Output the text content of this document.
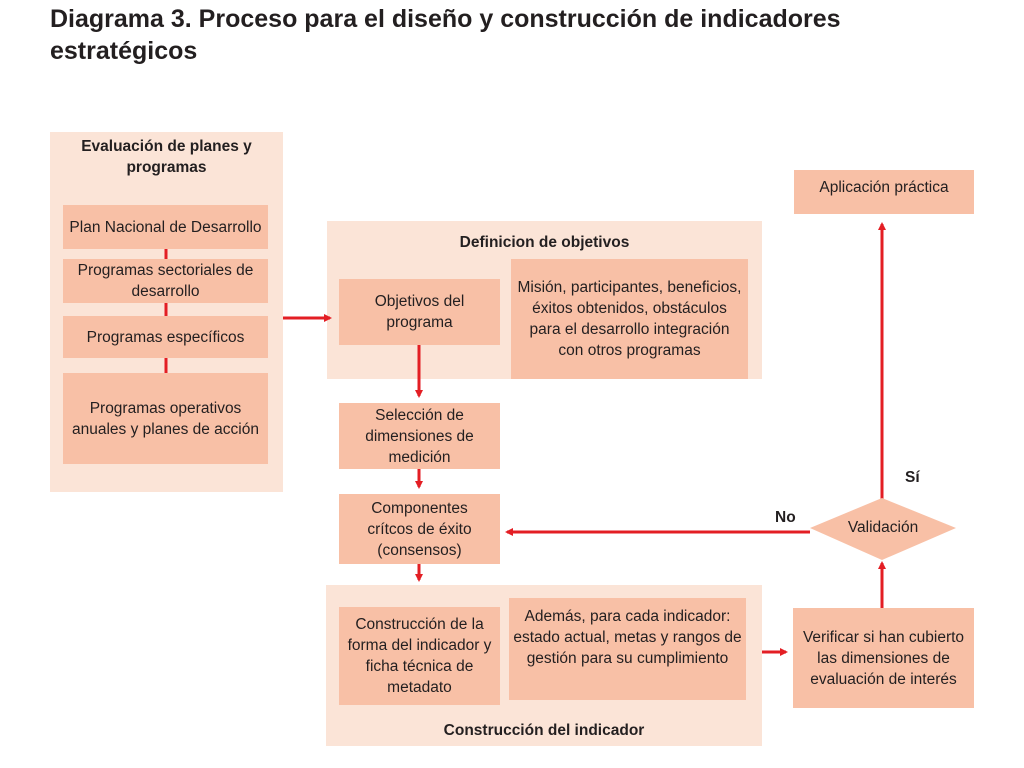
Diagrama 3. Proceso para el diseño y construcción de indicadores estratégicos
Evaluación de planes y programas
Plan Nacional de Desarrollo
Programas sectoriales de desarrollo
Programas específicos
Programas operativos anuales y planes de acción
Definicion de objetivos
Objetivos del programa
Misión, participantes, beneficios, éxitos obtenidos, obstáculos para el desarrollo integración con otros programas
Selección de dimensiones de medición
Componentes crítcos de éxito (consensos)
Construcción de la forma del indicador y ficha técnica de metadato
Además, para cada indicador: estado actual, metas y rangos de gestión para su cumplimiento
Construcción del indicador
Verificar si han cubierto las dimensiones de evaluación de interés
Aplicación práctica
Validación
Sí
No
